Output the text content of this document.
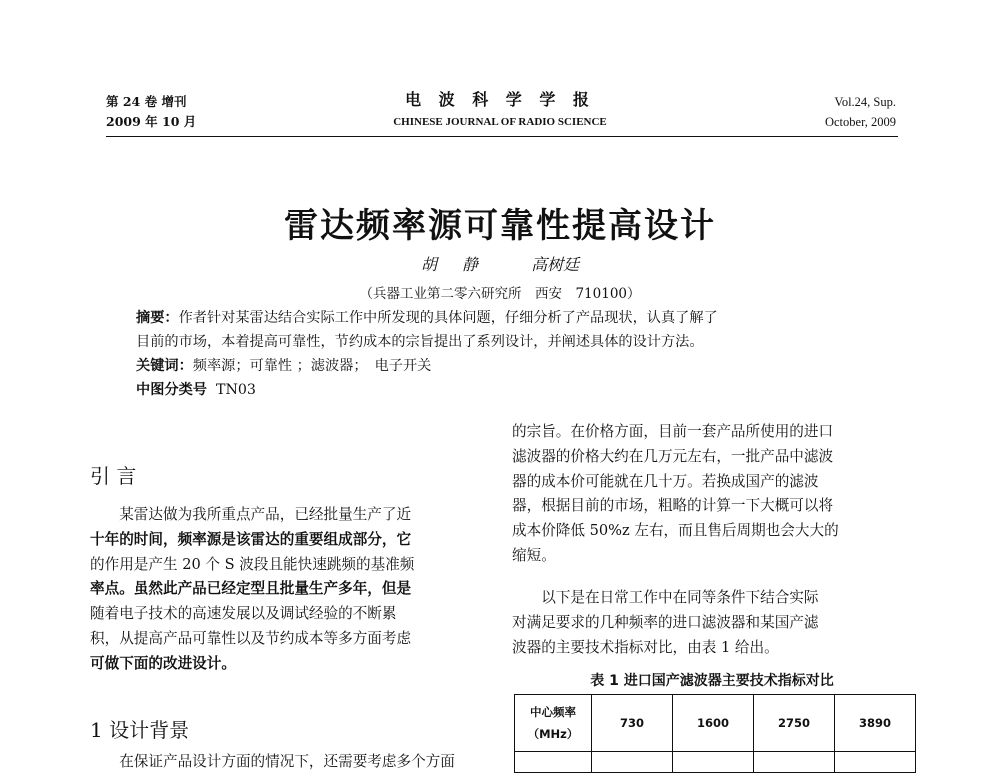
第 24 卷 增刊
2009 年 10 月
电 波 科 学 学 报
CHINESE JOURNAL OF RADIO SCIENCE
Vol.24, Sup.
October, 2009
雷达频率源可靠性提高设计
胡 静	高树廷
（兵器工业第二零六研究所　西安　710100）
摘要：作者针对某雷达结合实际工作中所发现的具体问题，仔细分析了产品现状，认真了解了
目前的市场，本着提高可靠性，节约成本的宗旨提出了系列设计，并阐述具体的设计方法。
关键词：频率源；可靠性 ；滤波器；　电子开关
中图分类号 TN03
引 言

某雷达做为我所重点产品，已经批量生产了近

十年的时间，频率源是该雷达的重要组成部分，它

的作用是产生 20 个 S 波段且能快速跳频的基准频

率点。虽然此产品已经定型且批量生产多年，但是

随着电子技术的高速发展以及调试经验的不断累

积，从提高产品可靠性以及节约成本等多方面考虑

可做下面的改进设计。

1 设计背景

在保证产品设计方面的情况下，还需要考虑多个方面

的宗旨。在价格方面，目前一套产品所使用的进口

滤波器的价格大约在几万元左右，一批产品中滤波

器的成本价可能就在几十万。若换成国产的滤波

器，根据目前的市场，粗略的计算一下大概可以将

成本价降低 50%z 左右，而且售后周期也会大大的

缩短。

以下是在日常工作中在同等条件下结合实际

对满足要求的几种频率的进口滤波器和某国产滤

波器的主要技术指标对比，由表 1 给出。

表 1 进口国产滤波器主要技术指标对比
中心频率
（MHz）	730	1600	2750	3890
